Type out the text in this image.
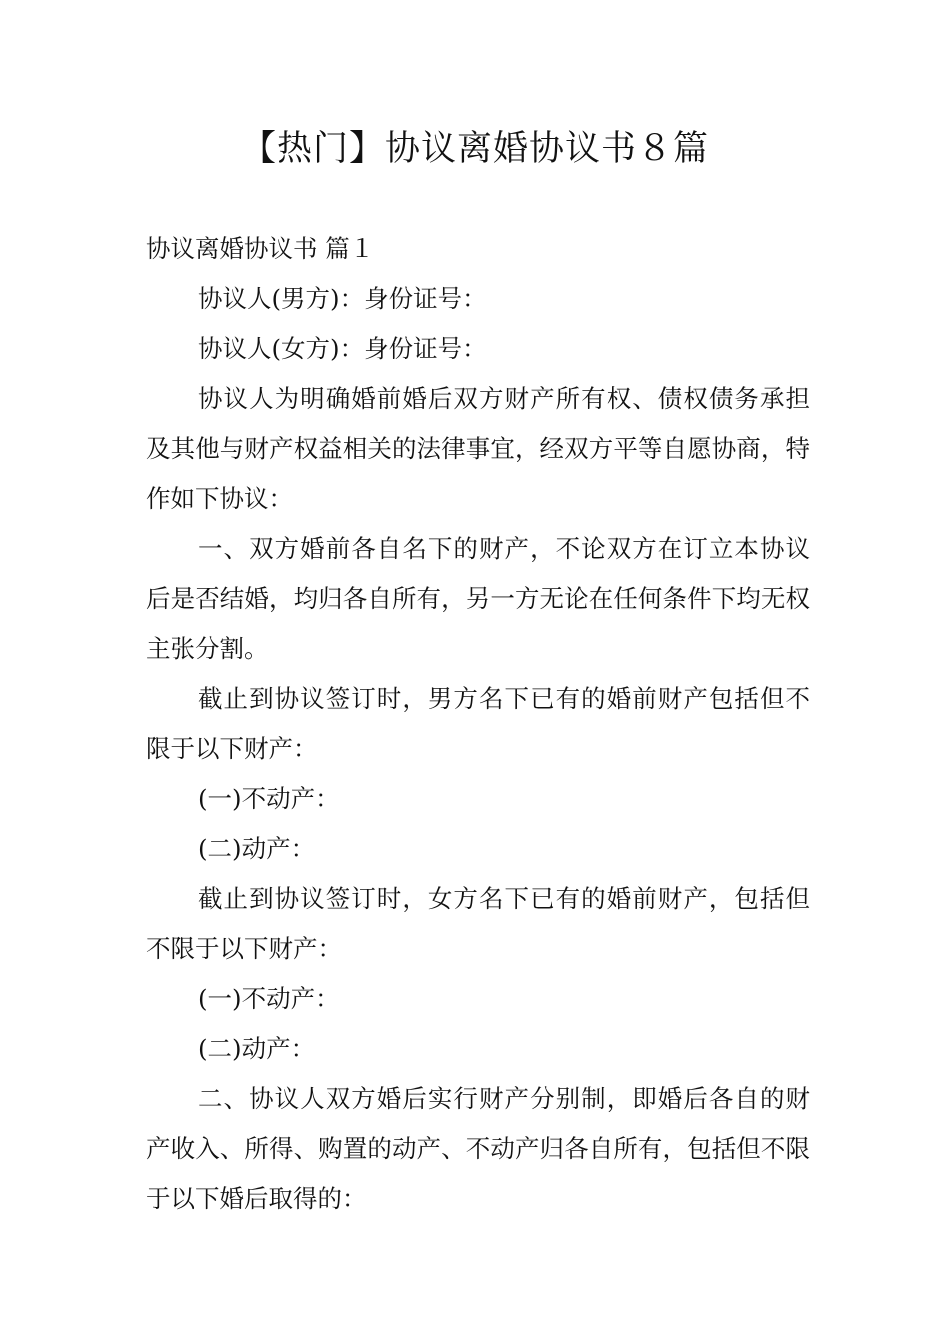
【热门】协议离婚协议书８篇

协议离婚协议书 篇１

协议人(男方)：身份证号：

协议人(女方)：身份证号：

协议人为明确婚前婚后双方财产所有权、债权债务承担及其他与财产权益相关的法律事宜，经双方平等自愿协商，特作如下协议：

一、双方婚前各自名下的财产，不论双方在订立本协议后是否结婚，均归各自所有，另一方无论在任何条件下均无权主张分割。

截止到协议签订时，男方名下已有的婚前财产包括但不限于以下财产：

(一)不动产：

(二)动产：

截止到协议签订时，女方名下已有的婚前财产，包括但不限于以下财产：

(一)不动产：

(二)动产：

二、协议人双方婚后实行财产分别制，即婚后各自的财产收入、所得、购置的动产、不动产归各自所有，包括但不限于以下婚后取得的：
